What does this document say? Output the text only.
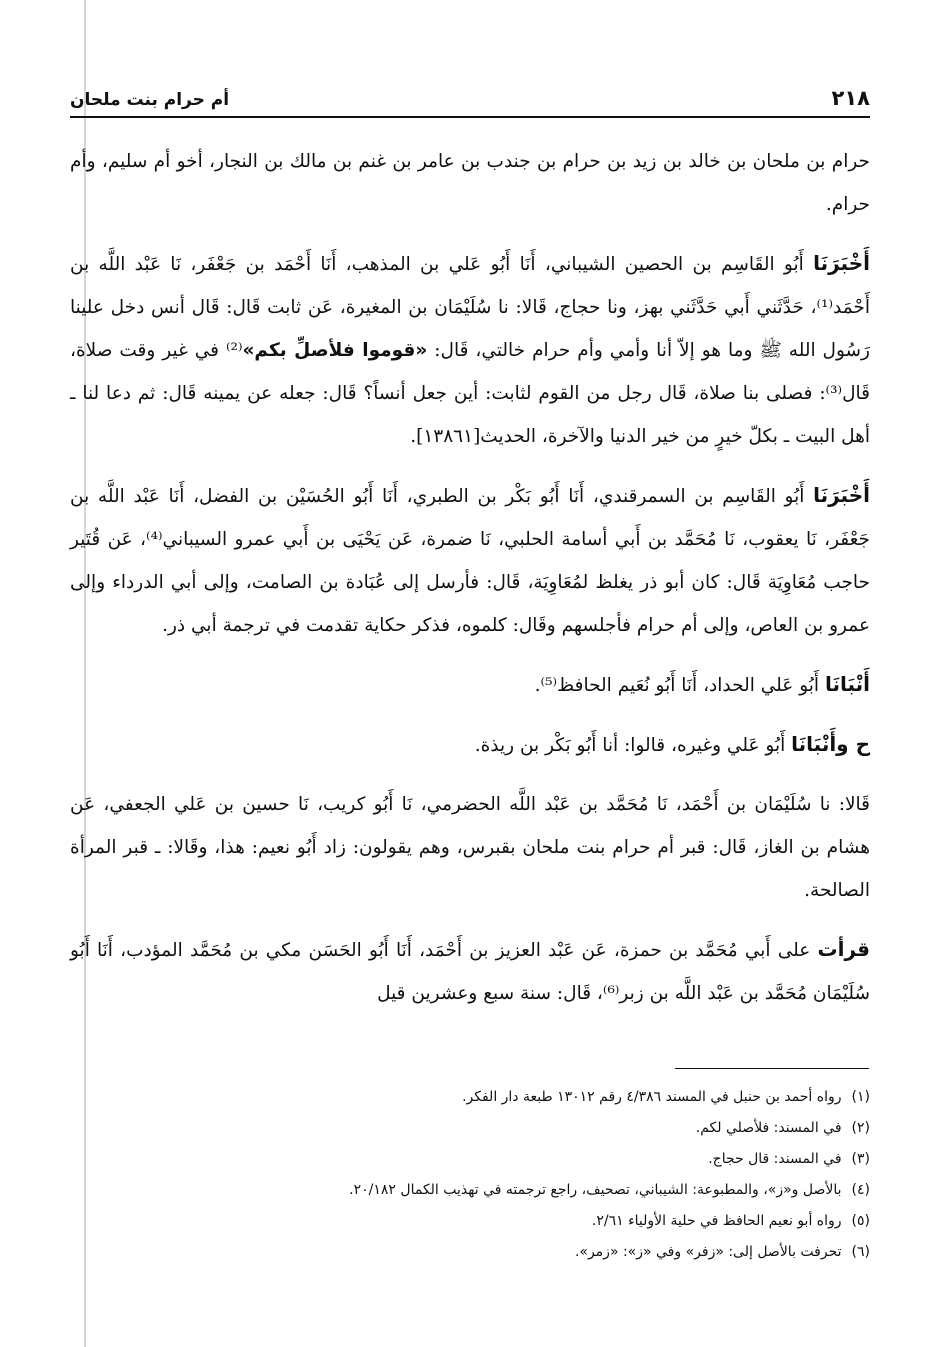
٢١٨
أم حرام بنت ملحان

حرام بن ملحان بن خالد بن زيد بن حرام بن جندب بن عامر بن غنم بن مالك بن النجار، أخو أم سليم، وأم حرام.

أَخْبَرَنَا أَبُو القَاسِم بن الحصين الشيباني، أَنَا أَبُو عَلي بن المذهب، أَنَا أَحْمَد بن جَعْفَر، نَا عَبْد اللَّه بن أَحْمَد⁽¹⁾، حَدَّثَني أَبي حَدَّثَني بهز، ونا حجاج، قَالا: نا سُلَيْمَان بن المغيرة، عَن ثابت قَال: قَال أنس دخل علينا رَسُول الله ﷺ وما هو إلاّ أنا وأمي وأم حرام خالتي، قَال: «قوموا فلأصلِّ بكم»⁽²⁾ في غير وقت صلاة، قَال⁽³⁾: فصلى بنا صلاة، قَال رجل من القوم لثابت: أين جعل أنساً؟ قَال: جعله عن يمينه قَال: ثم دعا لنا ـ أهل البيت ـ بكلّ خيرٍ من خير الدنيا والآخرة، الحديث[١٣٨٦١].

أَخْبَرَنَا أَبُو القَاسِم بن السمرقندي، أَنَا أَبُو بَكْر بن الطبري، أَنَا أَبُو الحُسَيْن بن الفضل، أَنَا عَبْد اللَّه بن جَعْفَر، نَا يعقوب، نَا مُحَمَّد بن أَبي أسامة الحلبي، نَا ضمرة، عَن يَحْيَى بن أَبي عمرو السيباني⁽⁴⁾، عَن قُتَير حاجب مُعَاوِيَة قَال: كان أبو ذر يغلظ لمُعَاوِيَة، قَال: فأرسل إلى عُبَادة بن الصامت، وإلى أبي الدرداء وإلى عمرو بن العاص، وإلى أم حرام فأجلسهم وقَال: كلموه، فذكر حكاية تقدمت في ترجمة أبي ذر.

أَنْبَانَا أَبُو عَلي الحداد، أَنَا أَبُو نُعَيم الحافظ⁽⁵⁾.

ح وأَنْبَانَا أَبُو عَلي وغيره، قالوا: أنا أَبُو بَكْر بن ريذة.

قَالا: نا سُلَيْمَان بن أَحْمَد، نَا مُحَمَّد بن عَبْد اللَّه الحضرمي، نَا أَبُو كريب، نَا حسين بن عَلي الجعفي، عَن هشام بن الغاز، قَال: قبر أم حرام بنت ملحان بقبرس، وهم يقولون: زاد أَبُو نعيم: هذا، وقَالا: ـ قبر المرأة الصالحة.

قرأت على أَبي مُحَمَّد بن حمزة، عَن عَبْد العزيز بن أَحْمَد، أَنَا أَبُو الحَسَن مكي بن مُحَمَّد المؤدب، أَنَا أَبُو سُلَيْمَان مُحَمَّد بن عَبْد اللَّه بن زبر⁽⁶⁾، قَال: سنة سبع وعشرين قيل

(١)رواه أحمد بن حنبل في المسند ٤/٣٨٦ رقم ١٣٠١٢ طبعة دار الفكر.
(٢)في المسند: فلأصلي لكم.
(٣)في المسند: قال حجاج.
(٤)بالأصل و«ز»، والمطبوعة: الشيباني، تصحيف، راجع ترجمته في تهذيب الكمال ٢٠/١٨٢.
(٥)رواه أبو نعيم الحافظ في حلية الأولياء ٢/٦١.
(٦)تحرفت بالأصل إلى: «زفر» وفي «ز»: «زمر».
